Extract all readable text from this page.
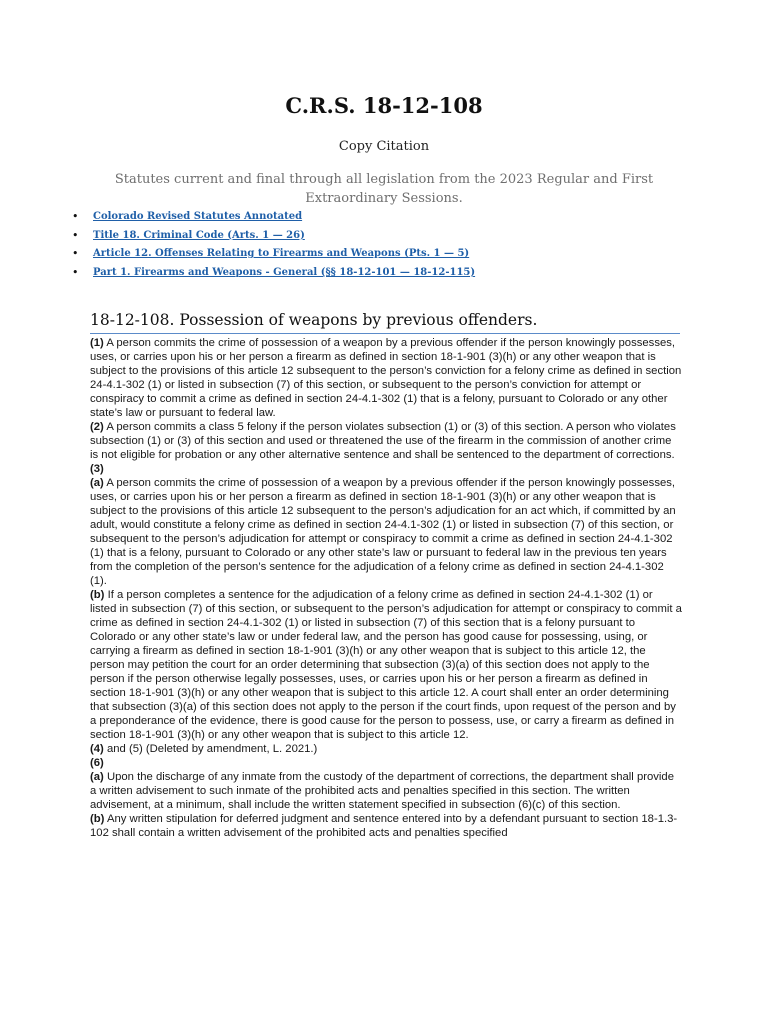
C.R.S. 18-12-108
Copy Citation
Statutes current and final through all legislation from the 2023 Regular and First Extraordinary Sessions.
• Colorado Revised Statutes Annotated
• Title 18. Criminal Code (Arts. 1 — 26)
• Article 12. Offenses Relating to Firearms and Weapons (Pts. 1 — 5)
• Part 1. Firearms and Weapons - General (§§ 18-12-101 — 18-12-115)
18-12-108. Possession of weapons by previous offenders.

(1) A person commits the crime of possession of a weapon by a previous offender if the person knowingly possesses, uses, or carries upon his or her person a firearm as defined in section 18-1-901 (3)(h) or any other weapon that is subject to the provisions of this article 12 subsequent to the person’s conviction for a felony crime as defined in section 24-4.1-302 (1) or listed in subsection (7) of this section, or subsequent to the person’s conviction for attempt or conspiracy to commit a crime as defined in section 24-4.1-302 (1) that is a felony, pursuant to Colorado or any other state’s law or pursuant to federal law.

(2) A person commits a class 5 felony if the person violates subsection (1) or (3) of this section. A person who violates subsection (1) or (3) of this section and used or threatened the use of the firearm in the commission of another crime is not eligible for probation or any other alternative sentence and shall be sentenced to the department of corrections.

(3)

(a) A person commits the crime of possession of a weapon by a previous offender if the person knowingly possesses, uses, or carries upon his or her person a firearm as defined in section 18-1-901 (3)(h) or any other weapon that is subject to the provisions of this article 12 subsequent to the person’s adjudication for an act which, if committed by an adult, would constitute a felony crime as defined in section 24-4.1-302 (1) or listed in subsection (7) of this section, or subsequent to the person’s adjudication for attempt or conspiracy to commit a crime as defined in section 24-4.1-302 (1) that is a felony, pursuant to Colorado or any other state’s law or pursuant to federal law in the previous ten years from the completion of the person’s sentence for the adjudication of a felony crime as defined in section 24-4.1-302 (1).

(b) If a person completes a sentence for the adjudication of a felony crime as defined in section 24-4.1-302 (1) or listed in subsection (7) of this section, or subsequent to the person’s adjudication for attempt or conspiracy to commit a crime as defined in section 24-4.1-302 (1) or listed in subsection (7) of this section that is a felony pursuant to Colorado or any other state’s law or under federal law, and the person has good cause for possessing, using, or carrying a firearm as defined in section 18-1-901 (3)(h) or any other weapon that is subject to this article 12, the person may petition the court for an order determining that subsection (3)(a) of this section does not apply to the person if the person otherwise legally possesses, uses, or carries upon his or her person a firearm as defined in section 18-1-901 (3)(h) or any other weapon that is subject to this article 12. A court shall enter an order determining that subsection (3)(a) of this section does not apply to the person if the court finds, upon request of the person and by a preponderance of the evidence, there is good cause for the person to possess, use, or carry a firearm as defined in section 18-1-901 (3)(h) or any other weapon that is subject to this article 12.

(4) and (5) (Deleted by amendment, L. 2021.)

(6)

(a) Upon the discharge of any inmate from the custody of the department of corrections, the department shall provide a written advisement to such inmate of the prohibited acts and penalties specified in this section. The written advisement, at a minimum, shall include the written statement specified in subsection (6)(c) of this section.

(b) Any written stipulation for deferred judgment and sentence entered into by a defendant pursuant to section 18-1.3-102 shall contain a written advisement of the prohibited acts and penalties specified
